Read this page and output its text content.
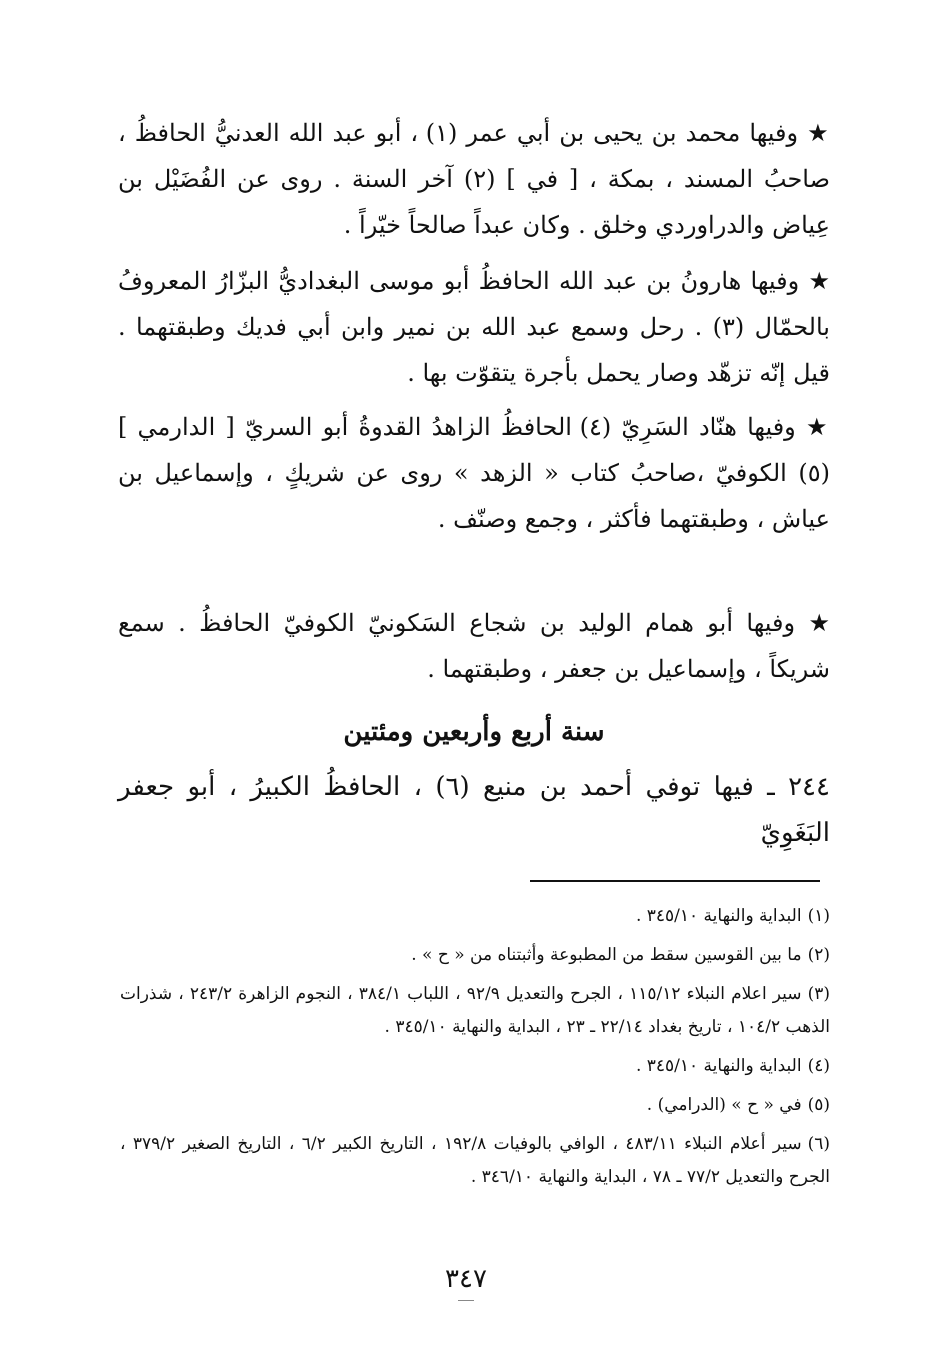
★ وفيها محمد بن يحيى بن أبي عمر (١) ، أبو عبد الله العدنيُّ الحافظُ ، صاحبُ المسند ، بمكة ، [ في ] (٢) آخر السنة . روى عن الفُضَيْل بن عِياض والدراوردي وخلق . وكان عبداً صالحاً خيّراً .

★ وفيها هارونُ بن عبد الله الحافظُ أبو موسى البغداديُّ البزّارُ المعروفُ بالحمّال (٣) . رحل وسمع عبد الله بن نمير وابن أبي فديك وطبقتهما . قيل إنّه تزهّد وصار يحمل بأجرة يتقوّت بها .

★ وفيها هنّاد السَرِيّ (٤) الحافظُ الزاهدُ القدوةُ أبو السريّ [ الدارمي ] (٥) الكوفيّ ،صاحبُ كتاب « الزهد » روى عن شريكٍ ، وإسماعيل بن عياش ، وطبقتهما فأكثر ، وجمع وصنّف .

★ وفيها أبو همام الوليد بن شجاع السَكونيّ الكوفيّ الحافظُ . سمع شريكاً ، وإسماعيل بن جعفر ، وطبقتهما .

سنة أربع وأربعين ومئتين

٢٤٤ ـ فيها توفي أحمد بن منيع (٦) ، الحافظُ الكبيرُ ، أبو جعفر البَغَوِيّ

(١)البداية والنهاية ٣٤٥/١٠ .

(٢)ما بين القوسين سقط من المطبوعة وأثبتناه من « ح » .

(٣)سير اعلام النبلاء ١١٥/١٢ ، الجرح والتعديل ٩٢/٩ ، اللباب ٣٨٤/١ ، النجوم الزاهرة ٢٤٣/٢ ، شذرات الذهب ١٠٤/٢ ، تاريخ بغداد ٢٢/١٤ ـ ٢٣ ، البداية والنهاية ٣٤٥/١٠ .

(٤)البداية والنهاية ٣٤٥/١٠ .

(٥)في « ح » (الدرامي) .

(٦)سير أعلام النبلاء ٤٨٣/١١ ، الوافي بالوفيات ١٩٢/٨ ، التاريخ الكبير ٦/٢ ، التاريخ الصغير ٣٧٩/٢ ، الجرح والتعديل ٧٧/٢ ـ ٧٨ ، البداية والنهاية ٣٤٦/١٠ .

٣٤٧
